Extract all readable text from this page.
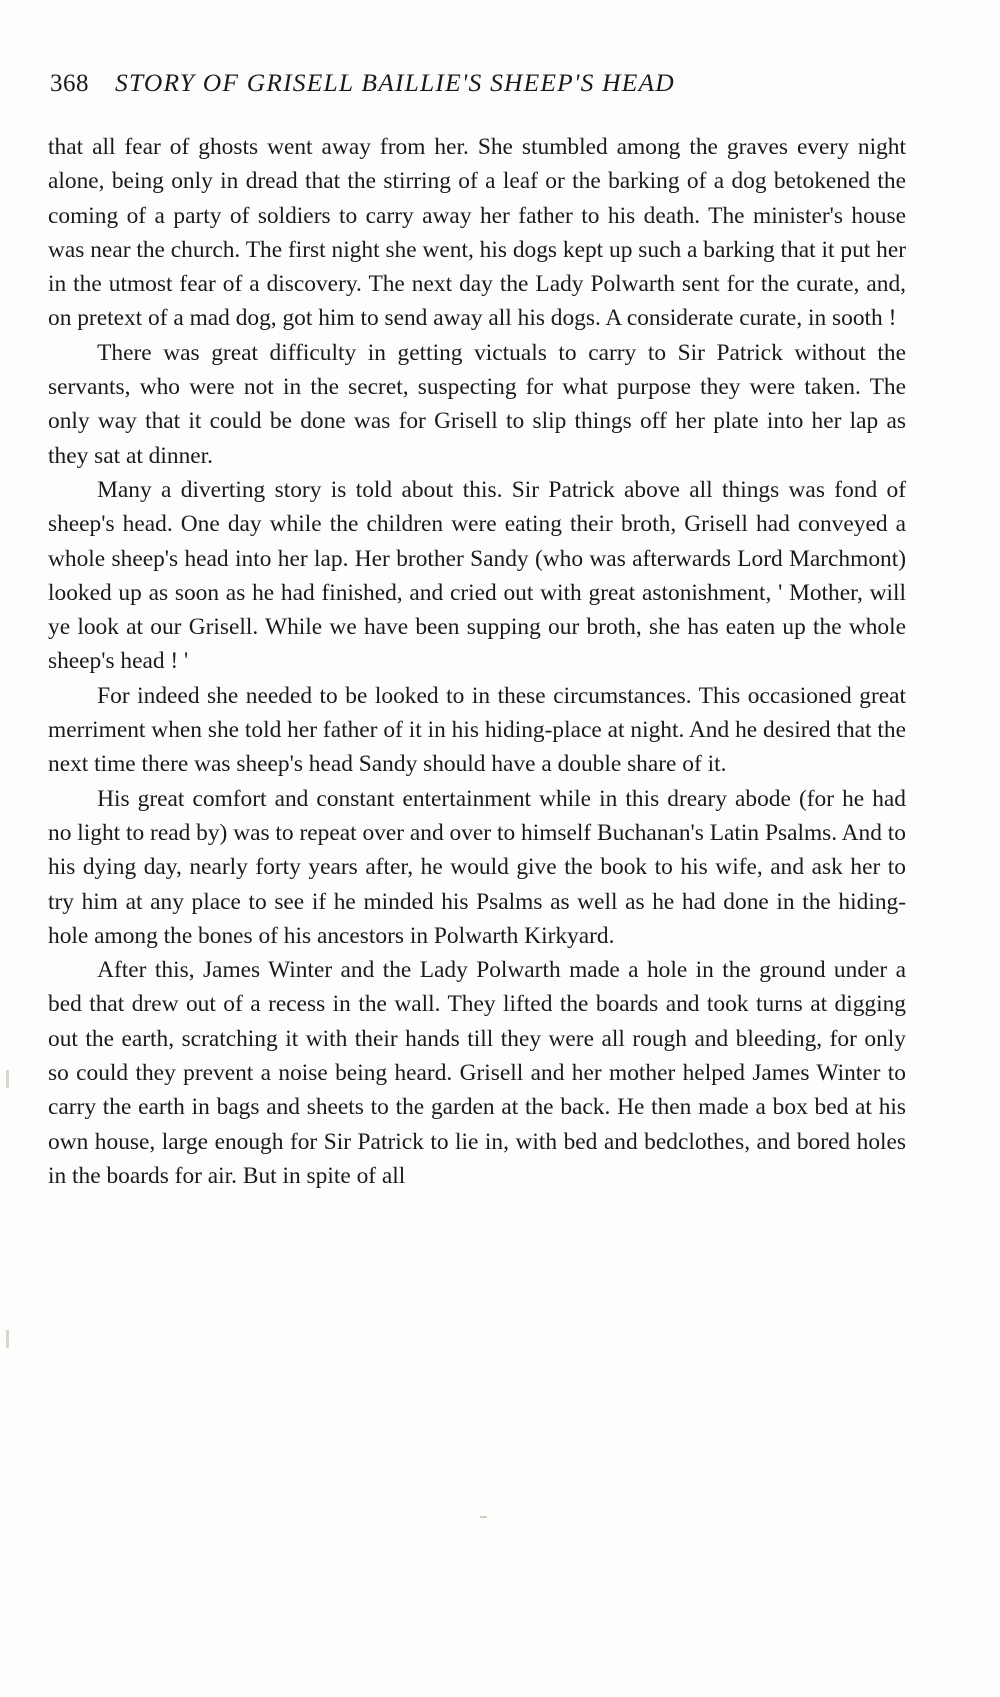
368 STORY OF GRISELL BAILLIE'S SHEEP'S HEAD

that all fear of ghosts went away from her. She stumbled among the graves every night alone, being only in dread that the stirring of a leaf or the barking of a dog betokened the coming of a party of soldiers to carry away her father to his death. The minister's house was near the church. The first night she went, his dogs kept up such a barking that it put her in the utmost fear of a discovery. The next day the Lady Polwarth sent for the curate, and, on pretext of a mad dog, got him to send away all his dogs. A considerate curate, in sooth !

There was great difficulty in getting victuals to carry to Sir Patrick without the servants, who were not in the secret, suspecting for what purpose they were taken. The only way that it could be done was for Grisell to slip things off her plate into her lap as they sat at dinner.

Many a diverting story is told about this. Sir Patrick above all things was fond of sheep's head. One day while the children were eating their broth, Grisell had conveyed a whole sheep's head into her lap. Her brother Sandy (who was afterwards Lord Marchmont) looked up as soon as he had finished, and cried out with great astonishment, ' Mother, will ye look at our Grisell. While we have been supping our broth, she has eaten up the whole sheep's head ! '

For indeed she needed to be looked to in these circumstances. This occasioned great merriment when she told her father of it in his hiding-place at night. And he desired that the next time there was sheep's head Sandy should have a double share of it.

His great comfort and constant entertainment while in this dreary abode (for he had no light to read by) was to repeat over and over to himself Buchanan's Latin Psalms. And to his dying day, nearly forty years after, he would give the book to his wife, and ask her to try him at any place to see if he minded his Psalms as well as he had done in the hiding-hole among the bones of his ancestors in Polwarth Kirkyard.

After this, James Winter and the Lady Polwarth made a hole in the ground under a bed that drew out of a recess in the wall. They lifted the boards and took turns at digging out the earth, scratching it with their hands till they were all rough and bleeding, for only so could they prevent a noise being heard. Grisell and her mother helped James Winter to carry the earth in bags and sheets to the garden at the back. He then made a box bed at his own house, large enough for Sir Patrick to lie in, with bed and bedclothes, and bored holes in the boards for air. But in spite of all
